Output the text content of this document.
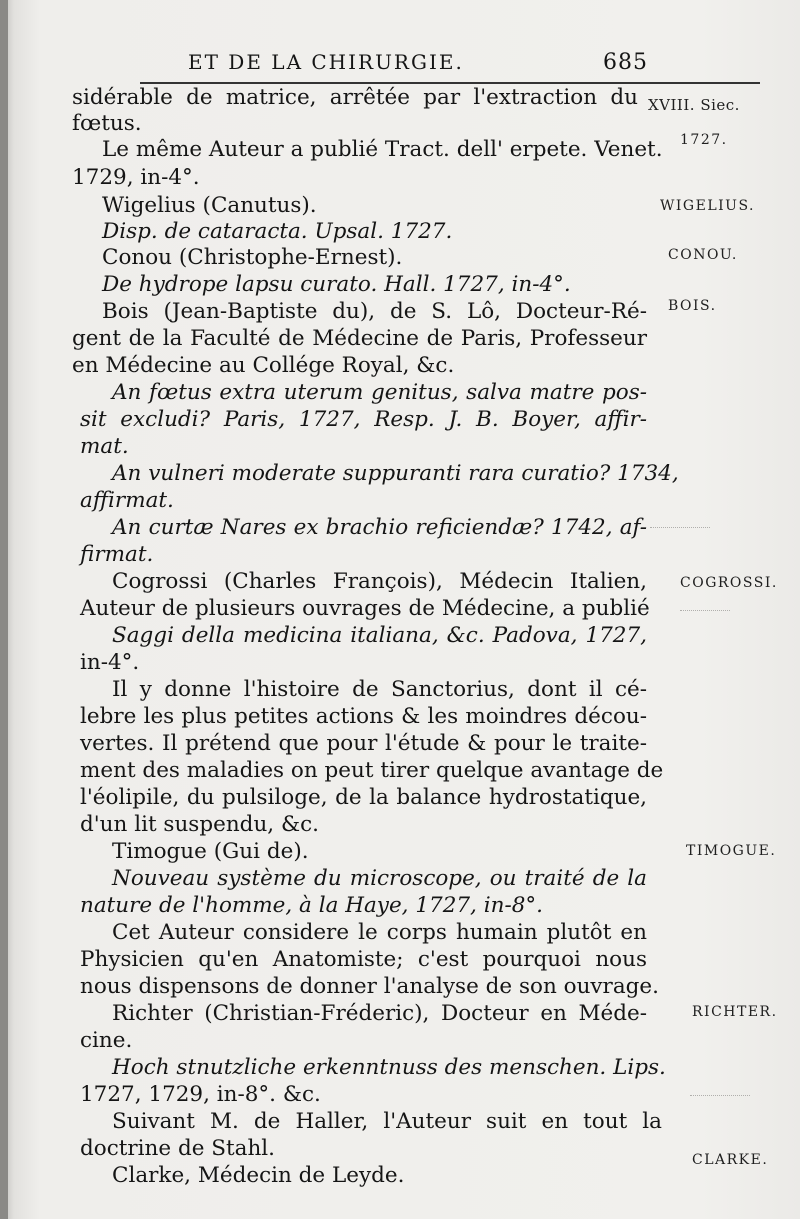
ET DE LA CHIRURGIE.	685
sidérable de matrice, arrêtée par l'extraction du
fœtus.
Le même Auteur a publié Tract. dell' erpete. Venet.
1729, in-4°.
Wigelius (Canutus).
Disp. de cataracta. Upsal. 1727.
Conou (Christophe-Ernest).
De hydrope lapsu curato. Hall. 1727, in-4°.
Bois (Jean-Baptiste du), de S. Lô, Docteur-Ré-
gent de la Faculté de Médecine de Paris, Professeur
en Médecine au Collége Royal, &c.
An fœtus extra uterum genitus, salva matre pos-
sit excludi? Paris, 1727, Resp. J. B. Boyer, affir-
mat.
An vulneri moderate suppuranti rara curatio? 1734,
affirmat.
An curtæ Nares ex brachio reficiendæ? 1742, af-
firmat.
Cogrossi (Charles François), Médecin Italien,
Auteur de plusieurs ouvrages de Médecine, a publié
Saggi della medicina italiana, &c. Padova, 1727,
in-4°.
Il y donne l'histoire de Sanctorius, dont il cé-
lebre les plus petites actions & les moindres décou-
vertes. Il prétend que pour l'étude & pour le traite-
ment des maladies on peut tirer quelque avantage de
l'éolipile, du pulsiloge, de la balance hydrostatique,
d'un lit suspendu, &c.
Timogue (Gui de).
Nouveau système du microscope, ou traité de la
nature de l'homme, à la Haye, 1727, in-8°.
Cet Auteur considere le corps humain plutôt en
Physicien qu'en Anatomiste; c'est pourquoi nous
nous dispensons de donner l'analyse de son ouvrage.
Richter (Christian-Fréderic), Docteur en Méde-
cine.
Hoch stnutzliche erkenntnuss des menschen. Lips.
1727, 1729, in-8°. &c.
Suivant M. de Haller, l'Auteur suit en tout la
doctrine de Stahl.
Clarke, Médecin de Leyde.
XVIII. Siec.
1727.
WIGELIUS.
CONOU.
BOIS.
COGROSSI.
TIMOGUE.
RICHTER.
CLARKE.
